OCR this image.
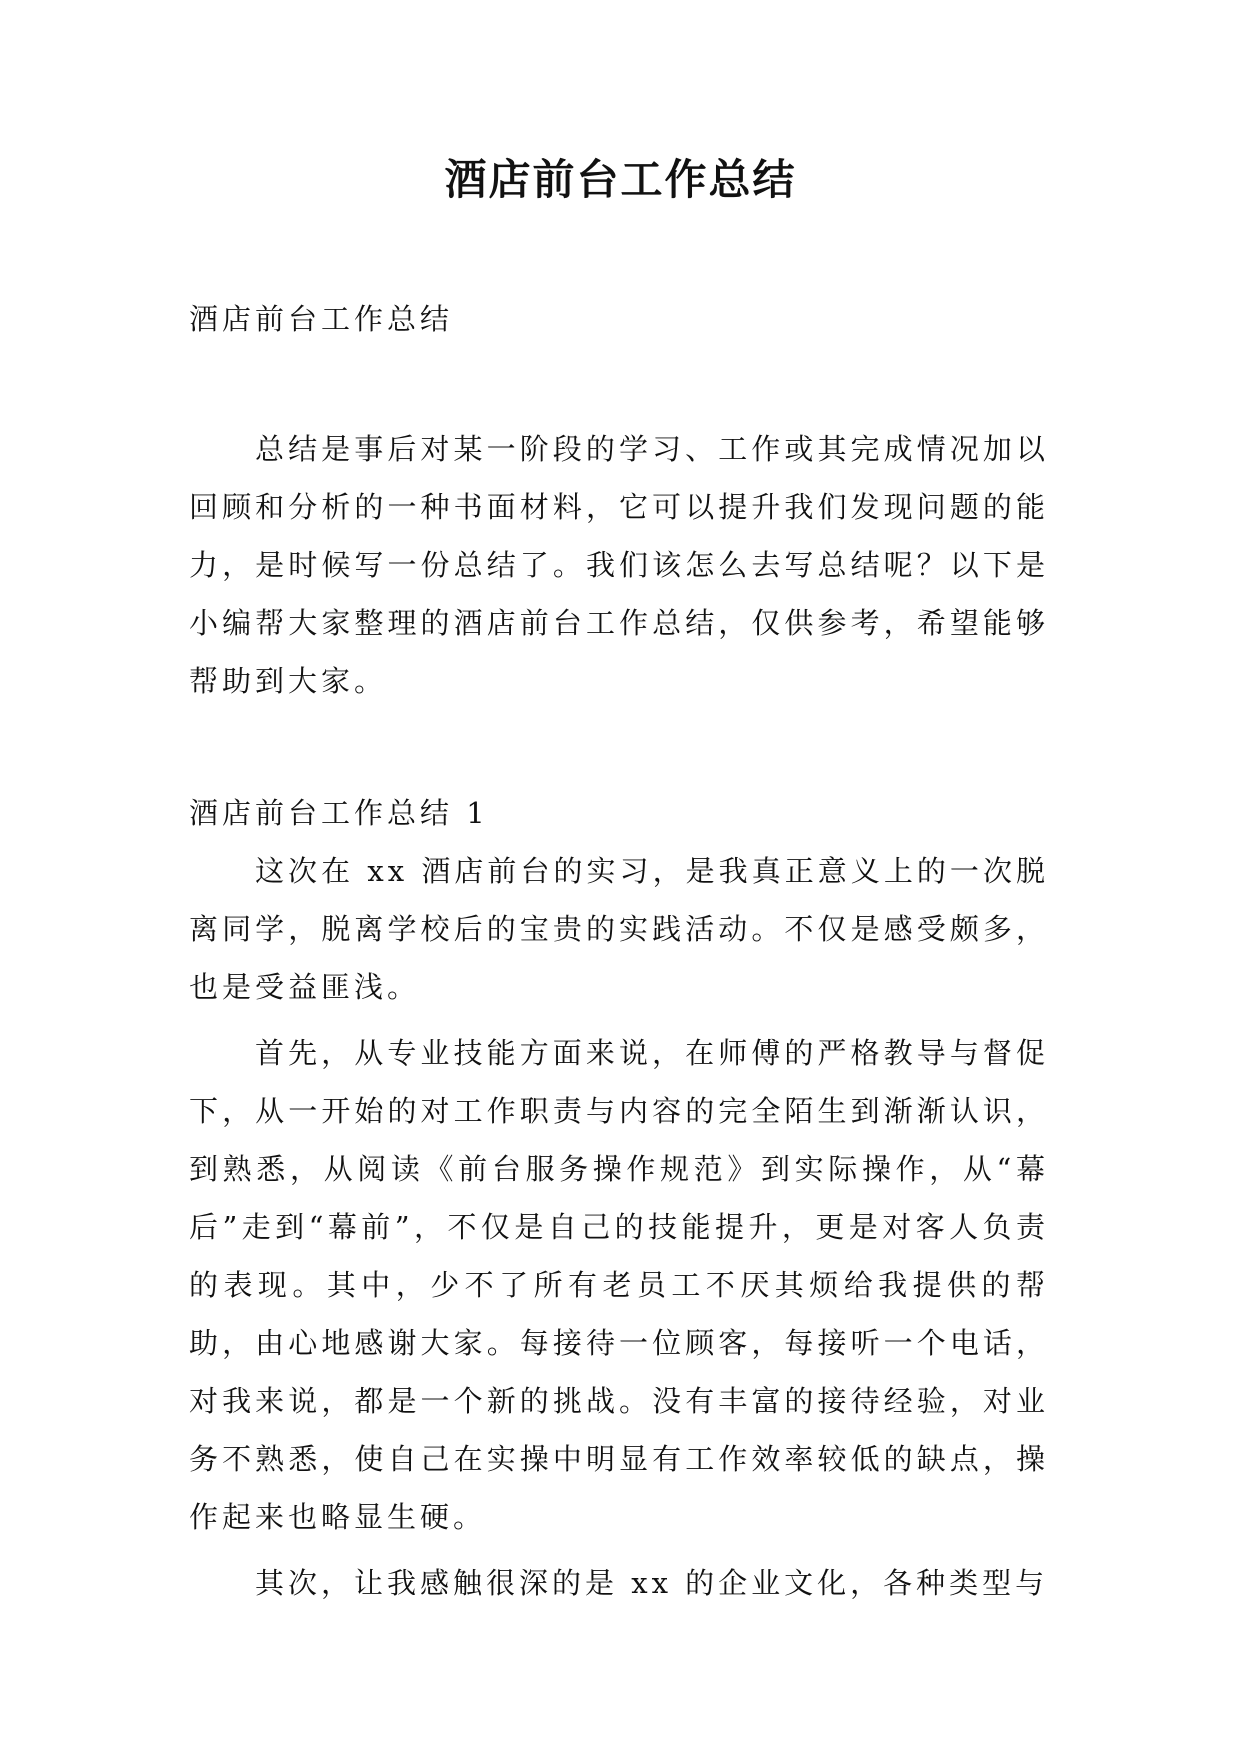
酒店前台工作总结

酒店前台工作总结

总结是事后对某一阶段的学习、工作或其完成情况加以回顾和分析的一种书面材料，它可以提升我们发现问题的能力，是时候写一份总结了。我们该怎么去写总结呢？以下是小编帮大家整理的酒店前台工作总结，仅供参考，希望能够帮助到大家。

酒店前台工作总结 1

这次在 xx 酒店前台的实习，是我真正意义上的一次脱离同学，脱离学校后的宝贵的实践活动。不仅是感受颇多，也是受益匪浅。

首先，从专业技能方面来说，在师傅的严格教导与督促下，从一开始的对工作职责与内容的完全陌生到渐渐认识，到熟悉，从阅读《前台服务操作规范》到实际操作，从“幕后”走到“幕前”，不仅是自己的技能提升，更是对客人负责的表现。其中，少不了所有老员工不厌其烦给我提供的帮助，由心地感谢大家。每接待一位顾客，每接听一个电话，对我来说，都是一个新的挑战。没有丰富的接待经验，对业务不熟悉，使自己在实操中明显有工作效率较低的缺点，操作起来也略显生硬。

其次，让我感触很深的是 xx 的企业文化，各种类型与
